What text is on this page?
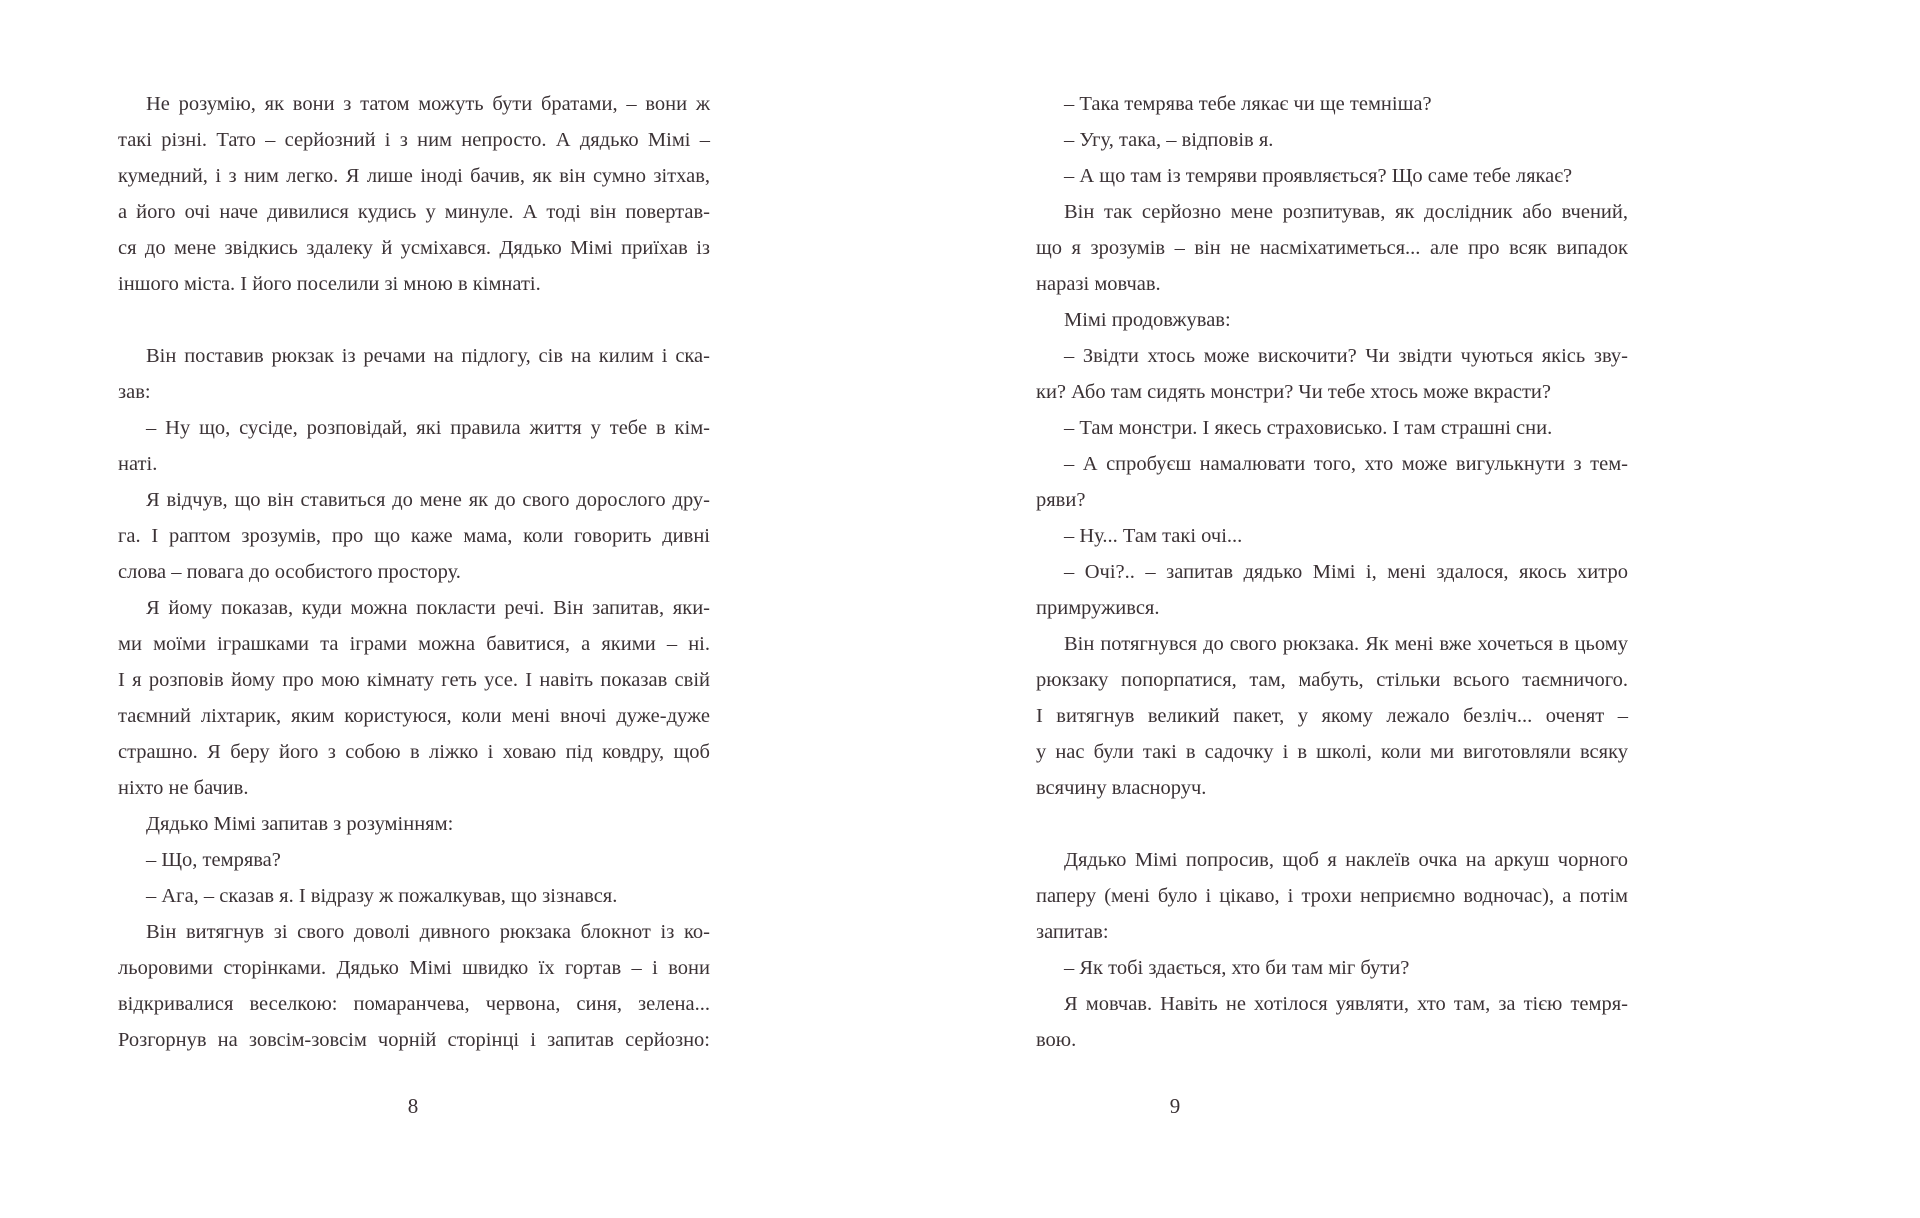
Не розумію, як вони з татом можуть бути братами, – вони ж
такі різні. Тато – серйозний і з ним непросто. А дядько Мімі –
кумедний, і з ним легко. Я лише іноді бачив, як він сумно зітхав,
а його очі наче дивилися кудись у минуле. А тоді він повертав-
ся до мене звідкись здалеку й усміхався. Дядько Мімі приїхав із
іншого міста. І його поселили зі мною в кімнаті.
Він поставив рюкзак із речами на підлогу, сів на килим і ска-
зав:
– Ну що, сусіде, розповідай, які правила життя у тебе в кім-
наті.
Я відчув, що він ставиться до мене як до свого дорослого дру-
га. І раптом зрозумів, про що каже мама, коли говорить дивні
слова – повага до особистого простору.
Я йому показав, куди можна покласти речі. Він запитав, яки-
ми моїми іграшками та іграми можна бавитися, а якими – ні.
І я розповів йому про мою кімнату геть усе. І навіть показав свій
таємний ліхтарик, яким користуюся, коли мені вночі дуже-дуже
страшно. Я беру його з собою в ліжко і ховаю під ковдру, щоб
ніхто не бачив.
Дядько Мімі запитав з розумінням:
– Що, темрява?
– Ага, – сказав я. І відразу ж пожалкував, що зізнався.
Він витягнув зі свого доволі дивного рюкзака блокнот із ко-
льоровими сторінками. Дядько Мімі швидко їх гортав – і вони
відкривалися веселкою: помаранчева, червона, синя, зелена...
Розгорнув на зовсім-зовсім чорній сторінці і запитав серйозно:
8
– Така темрява тебе лякає чи ще темніша?
– Угу, така, – відповів я.
– А що там із темряви проявляється? Що саме тебе лякає?
Він так серйозно мене розпитував, як дослідник або вчений,
що я зрозумів – він не насміхатиметься... але про всяк випадок
наразі мовчав.
Мімі продовжував:
– Звідти хтось може вискочити? Чи звідти чуються якісь зву-
ки? Або там сидять монстри? Чи тебе хтось може вкрасти?
– Там монстри. І якесь страховисько. І там страшні сни.
– А спробуєш намалювати того, хто може вигулькнути з тем-
ряви?
– Ну... Там такі очі...
– Очі?.. – запитав дядько Мімі і, мені здалося, якось хитро
примружився.
Він потягнувся до свого рюкзака. Як мені вже хочеться в цьому
рюкзаку попорпатися, там, мабуть, стільки всього таємничого.
І витягнув великий пакет, у якому лежало безліч... оченят –
у нас були такі в садочку і в школі, коли ми виготовляли всяку
всячину власноруч.
Дядько Мімі попросив, щоб я наклеїв очка на аркуш чорного
паперу (мені було і цікаво, і трохи неприємно водночас), а потім
запитав:
– Як тобі здається, хто би там міг бути?
Я мовчав. Навіть не хотілося уявляти, хто там, за тією темря-
вою.
9
